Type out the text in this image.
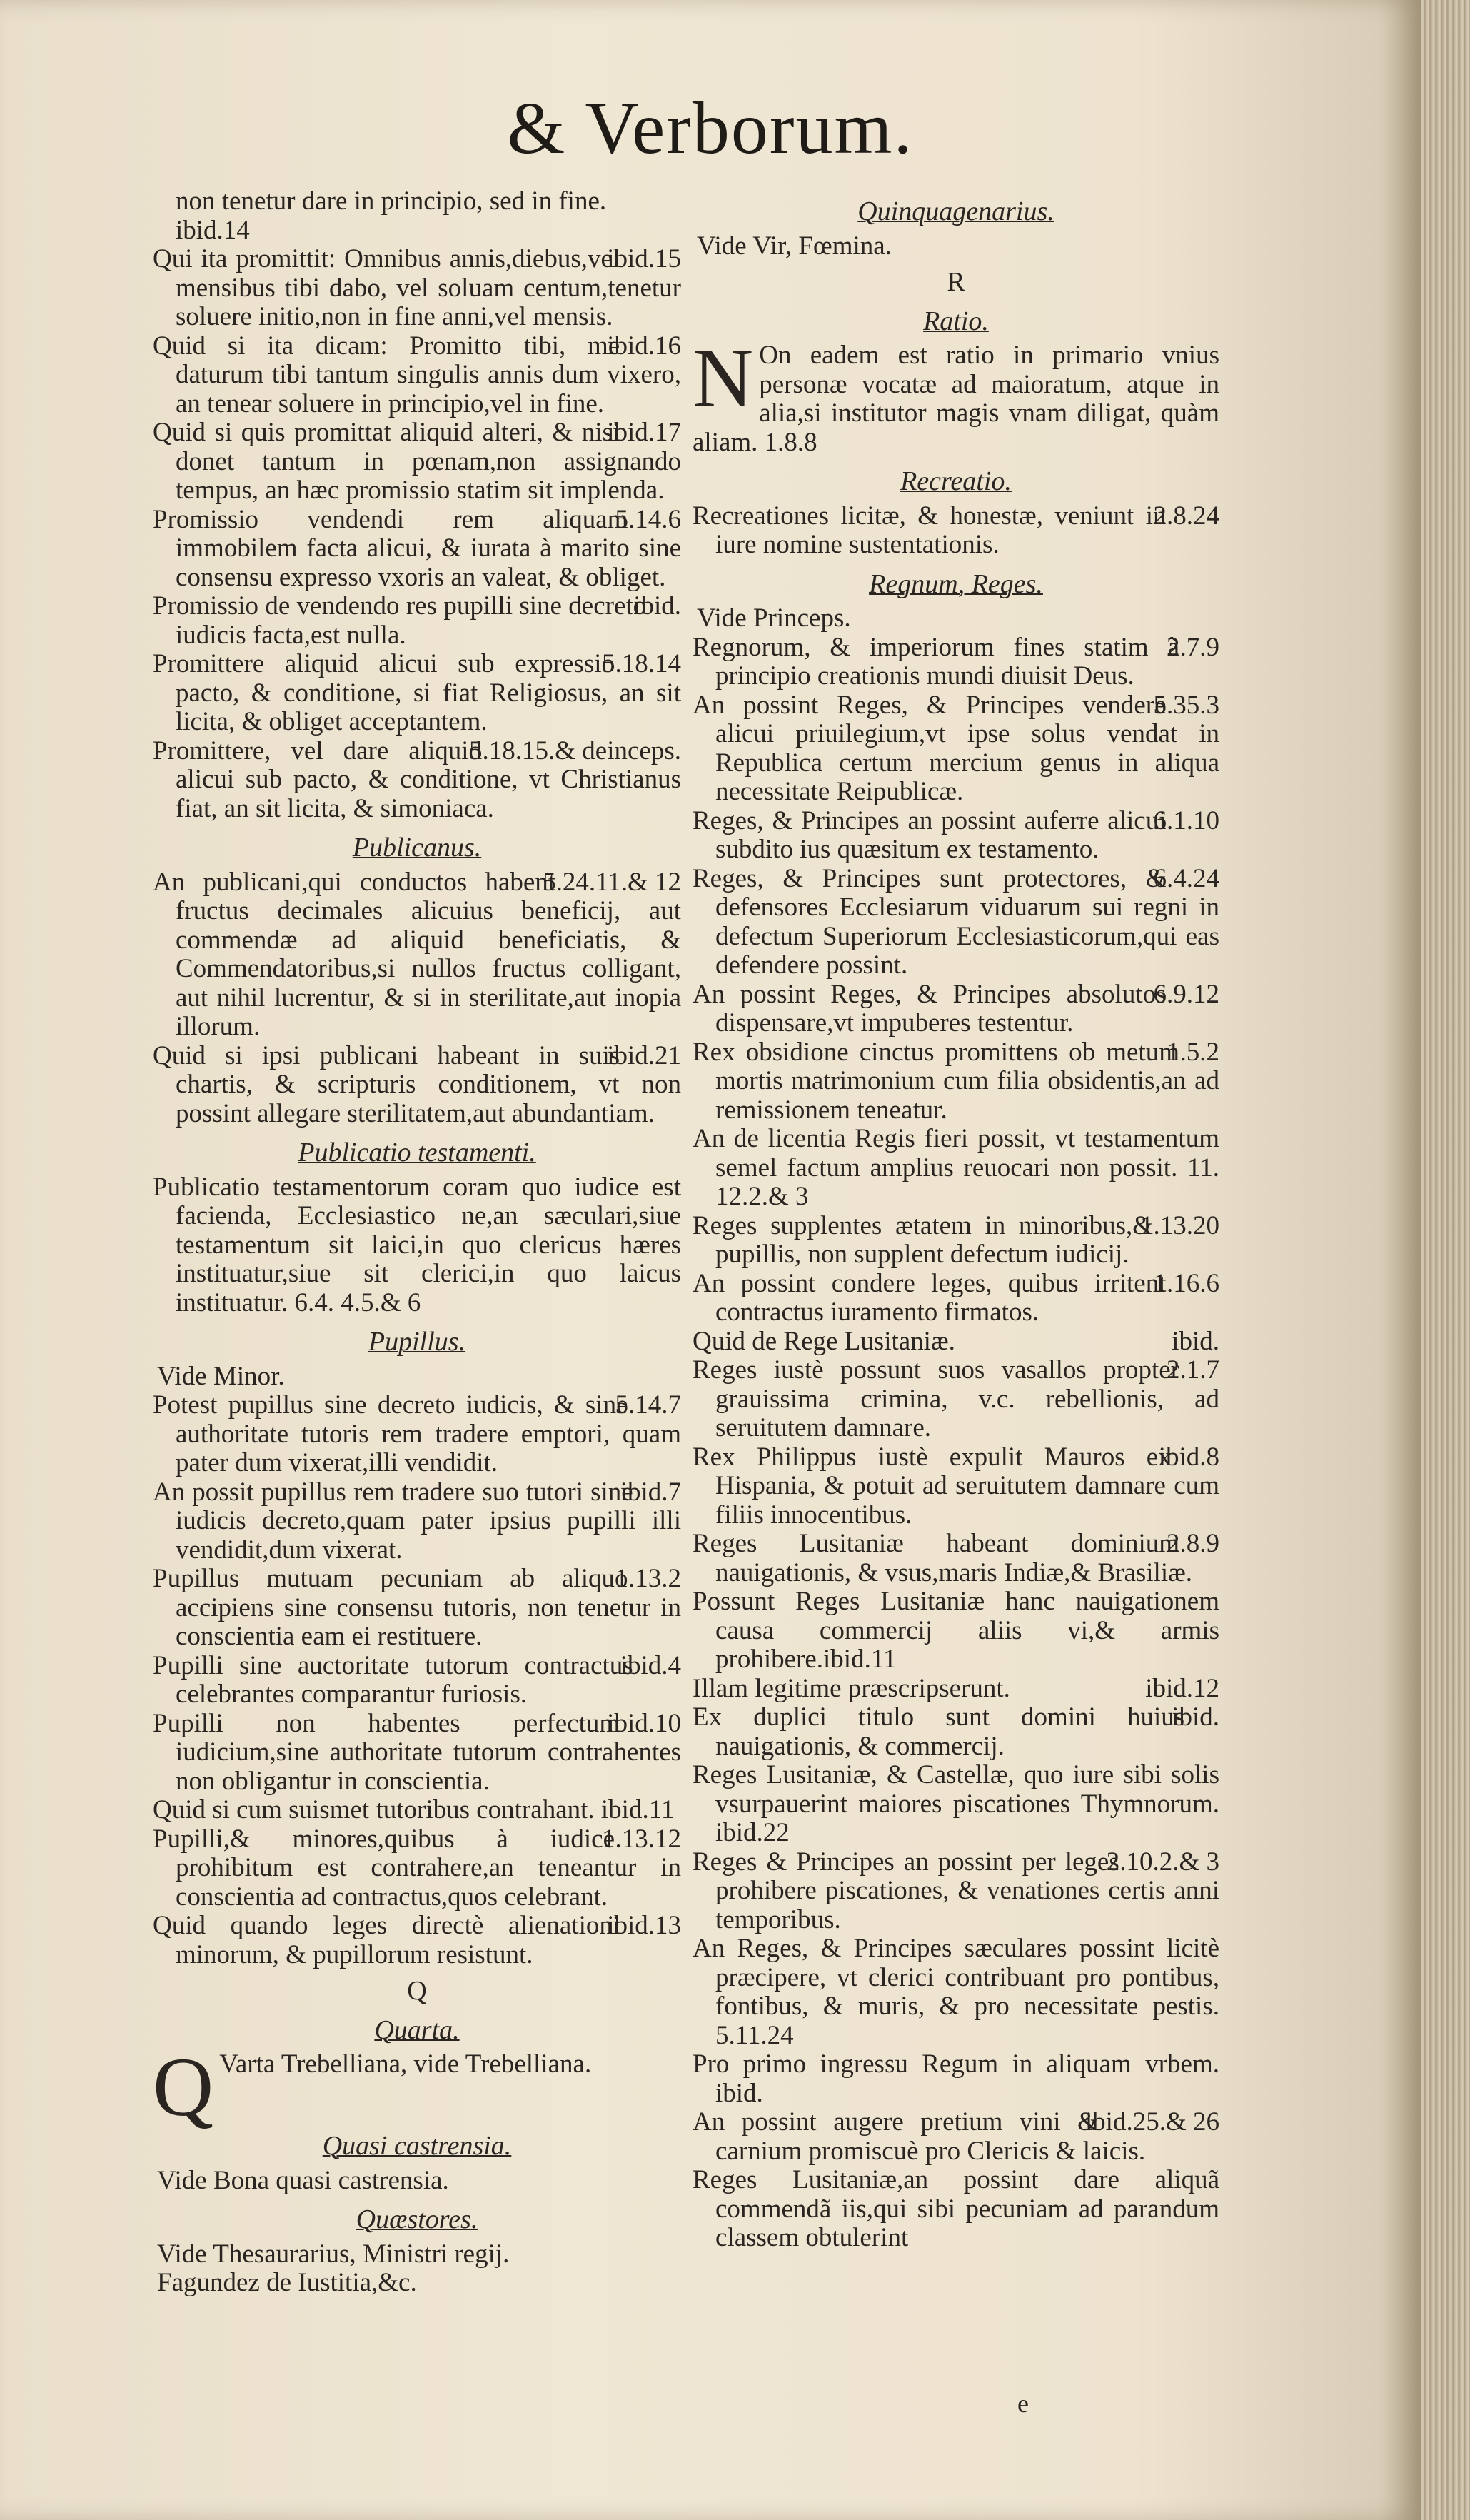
& Verborum.

non tenetur dare in principio, sed in fine.

ibid.14

ibid.15
Qui ita promittit: Omnibus annis,diebus,vel mensibus tibi dabo, vel soluam centum,tenetur soluere initio,non in fine anni,vel mensis.

ibid.16
Quid si ita dicam: Promitto tibi, me daturum tibi tantum singulis annis dum vixero, an tenear soluere in principio,vel in fine.

ibid.17
Quid si quis promittat aliquid alteri, & nisi donet tantum in pœnam,non assignando tempus, an hæc promissio statim sit implenda.

5.14.6
Promissio vendendi rem aliquam immobilem facta alicui, & iurata à marito sine consensu expresso vxoris an valeat, & obliget.

ibid.
Promissio de vendendo res pupilli sine decreto iudicis facta,est nulla.

5.18.14
Promittere aliquid alicui sub expressio pacto, & conditione, si fiat Religiosus, an sit licita, & obliget acceptantem.

5.18.15.& deinceps.
Promittere, vel dare aliquid alicui sub pacto, & conditione, vt Christianus fiat, an sit licita, & simoniaca.

Publicanus.

5.24.11.& 12
An publicani,qui conductos habent fructus decimales alicuius beneficij, aut commendæ ad aliquid beneficiatis, & Commendatoribus,si nullos fructus colligant, aut nihil lucrentur, & si in sterilitate,aut inopia illorum.

ibid.21
Quid si ipsi publicani habeant in suis chartis, & scripturis conditionem, vt non possint allegare sterilitatem,aut abundantiam.

Publicatio testamenti.

Publicatio testamentorum coram quo iudice est facienda, Ecclesiastico ne,an sæculari,siue testamentum sit laici,in quo clericus hæres instituatur,siue sit clerici,in quo laicus instituatur. 6.4. 4.5.& 6

Pupillus.

Vide Minor.

5.14.7
Potest pupillus sine decreto iudicis, & sine authoritate tutoris rem tradere emptori, quam pater dum vixerat,illi vendidit.

ibid.7
An possit pupillus rem tradere suo tutori sine iudicis decreto,quam pater ipsius pupilli illi vendidit,dum vixerat.

1.13.2
Pupillus mutuam pecuniam ab aliquo accipiens sine consensu tutoris, non tenetur in conscientia eam ei restituere.

ibid.4
Pupilli sine auctoritate tutorum contractus celebrantes comparantur furiosis.

ibid.10
Pupilli non habentes perfectum iudicium,sine authoritate tutorum contrahentes non obligantur in conscientia.

Quid si cum suismet tutoribus contrahant. ibid.11

1.13.12
Pupilli,& minores,quibus à iudice prohibitum est contrahere,an teneantur in conscientia ad contractus,quos celebrant.

ibid.13
Quid quando leges directè alienationi minorum, & pupillorum resistunt.

Q
Quarta.

Q Varta Trebelliana, vide Trebelliana.

Quasi castrensia.

Vide Bona quasi castrensia.

Quæstores.

Vide Thesaurarius, Ministri regij.

Fagundez de Iustitia,&c.

Quinquagenarius.

Vide Vir, Fœmina.

R
Ratio.

N On eadem est ratio in primario vnius personæ vocatæ ad maioratum, atque in alia,si institutor magis vnam diligat, quàm aliam. 1.8.8

Recreatio.

2.8.24
Recreationes licitæ, & honestæ, veniunt in iure nomine sustentationis.

Regnum, Reges.

Vide Princeps.

2.7.9
Regnorum, & imperiorum fines statim à principio creationis mundi diuisit Deus.

5.35.3
An possint Reges, & Principes vendere alicui priuilegium,vt ipse solus vendat in Republica certum mercium genus in aliqua necessitate Reipublicæ.

6.1.10
Reges, & Principes an possint auferre alicui subdito ius quæsitum ex testamento.

6.4.24
Reges, & Principes sunt protectores, & defensores Ecclesiarum viduarum sui regni in defectum Superiorum Ecclesiasticorum,qui eas defendere possint.

6.9.12
An possint Reges, & Principes absolutos dispensare,vt impuberes testentur.

1.5.2
Rex obsidione cinctus promittens ob metum mortis matrimonium cum filia obsidentis,an ad remissionem teneatur.

An de licentia Regis fieri possit, vt testamentum semel factum amplius reuocari non possit. 11. 12.2.& 3

1.13.20
Reges supplentes ætatem in minoribus,& pupillis, non supplent defectum iudicij.

1.16.6
An possint condere leges, quibus irritent contractus iuramento firmatos.

ibid.
Quid de Rege Lusitaniæ.

2.1.7
Reges iustè possunt suos vasallos propter grauissima crimina, v.c. rebellionis, ad seruitutem damnare.

ibid.8
Rex Philippus iustè expulit Mauros ex Hispania, & potuit ad seruitutem damnare cum filiis innocentibus.

2.8.9
Reges Lusitaniæ habeant dominium nauigationis, & vsus,maris Indiæ,& Brasiliæ.

Possunt Reges Lusitaniæ hanc nauigationem causa commercij aliis vi,& armis prohibere.ibid.11

ibid.12
Illam legitime præscripserunt.

ibid.
Ex duplici titulo sunt domini huius nauigationis, & commercij.

Reges Lusitaniæ, & Castellæ, quo iure sibi solis vsurpauerint maiores piscationes Thymnorum. ibid.22

2.10.2.& 3
Reges & Principes an possint per leges prohibere piscationes, & venationes certis anni temporibus.

An Reges, & Principes sæculares possint licitè præcipere, vt clerici contribuant pro pontibus, fontibus, & muris, & pro necessitate pestis. 5.11.24

Pro primo ingressu Regum in aliquam vrbem. ibid.

ibid.25.& 26
An possint augere pretium vini & carnium promiscuè pro Clericis & laicis.

Reges Lusitaniæ,an possint dare aliquã commendã iis,qui sibi pecuniam ad parandum classem obtulerint

e
